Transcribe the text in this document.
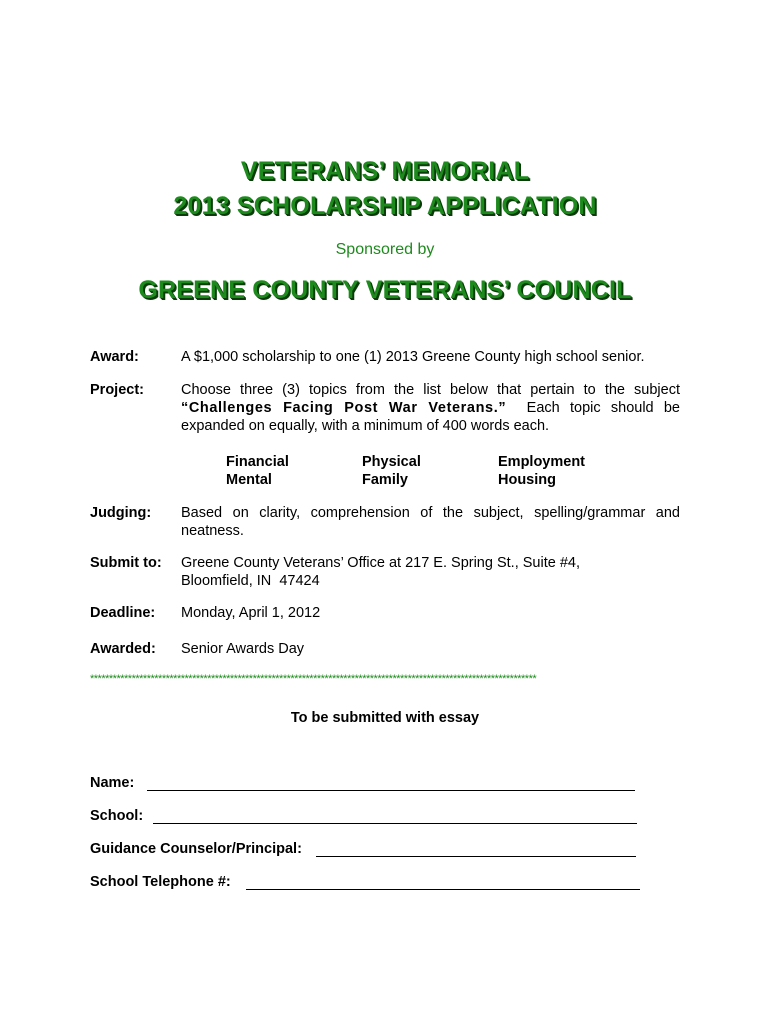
VETERANS’ MEMORIAL
2013 SCHOLARSHIP APPLICATION
Sponsored by
GREENE COUNTY VETERANS’ COUNCIL
Award:	A $1,000 scholarship to one (1) 2013 Greene County high school senior.
Project:	Choose three (3) topics from the list below that pertain to the subject “Challenges Facing Post War Veterans.”  Each topic should be expanded on equally, with a minimum of 400 words each.
Financial
Mental
Physical
Family
Employment
Housing
Judging: Based on clarity, comprehension of the subject, spelling/grammar and neatness.
Submit to: Greene County Veterans’ Office at 217 E. Spring St., Suite #4,
Bloomfield, IN  47424
Deadline: Monday, April 1, 2012
Awarded: Senior Awards Day
**********************************************************************************************************************
To be submitted with essay
Name:
School:
Guidance Counselor/Principal:
School Telephone #:
